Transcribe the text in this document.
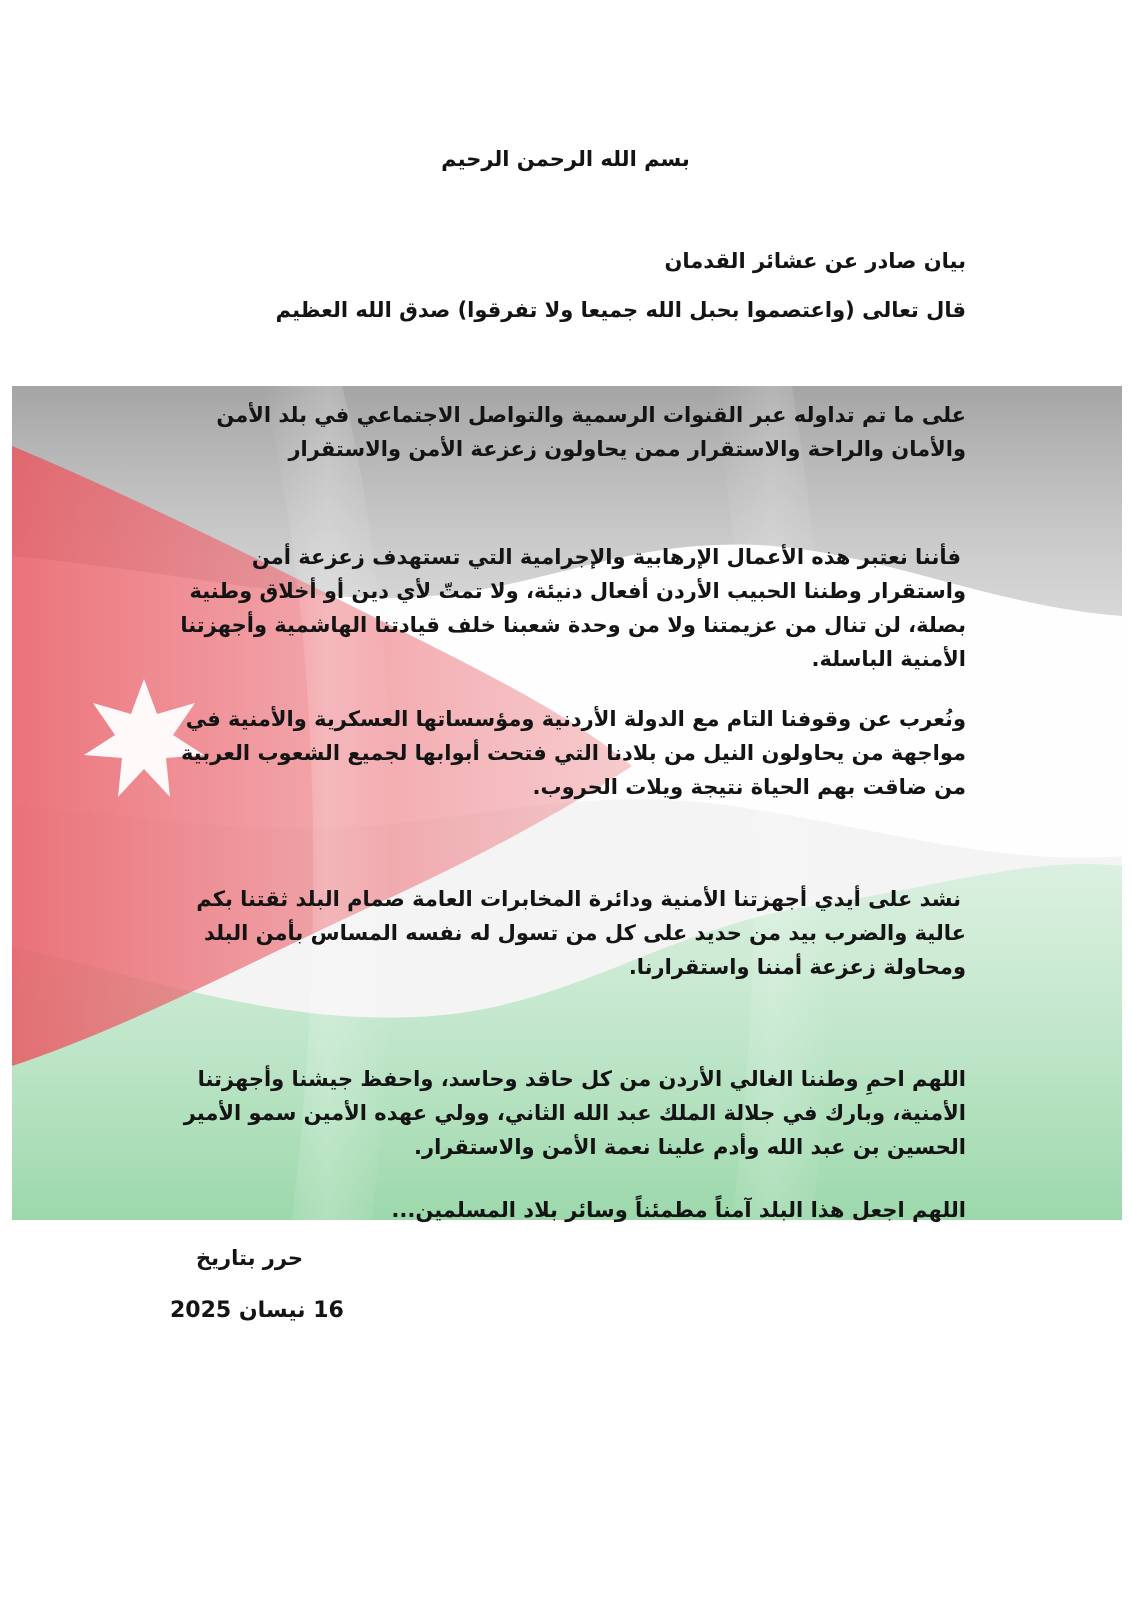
بسم الله الرحمن الرحيم
بيان صادر عن عشائر القدمان
قال تعالى (واعتصموا بحبل الله جميعا ولا تفرقوا) صدق الله العظيم
على ما تم تداوله عبر القنوات الرسمية والتواصل الاجتماعي في بلد الأمن
والأمان والراحة والاستقرار ممن يحاولون زعزعة الأمن والاستقرار
فأننا نعتبر هذه الأعمال الإرهابية والإجرامية التي تستهدف زعزعة أمن
واستقرار وطننا الحبيب الأردن أفعال دنيئة، ولا تمتّ لأي دين أو أخلاق وطنية
بصلة، لن تنال من عزيمتنا ولا من وحدة شعبنا خلف قيادتنا الهاشمية وأجهزتنا
الأمنية الباسلة.
ونُعرب عن وقوفنا التام مع الدولة الأردنية ومؤسساتها العسكرية والأمنية في
مواجهة من يحاولون النيل من بلادنا التي فتحت أبوابها لجميع الشعوب العربية
من ضاقت بهم الحياة نتيجة ويلات الحروب.
نشد على أيدي أجهزتنا الأمنية ودائرة المخابرات العامة صمام البلد ثقتنا بكم
عالية والضرب بيد من حديد على كل من تسول له نفسه المساس بأمن البلد
ومحاولة زعزعة أمننا واستقرارنا.
اللهم احمِ وطننا الغالي الأردن من كل حاقد وحاسد، واحفظ جيشنا وأجهزتنا
الأمنية، وبارك في جلالة الملك عبد الله الثاني، وولي عهده الأمين سمو الأمير
الحسين بن عبد الله وأدم علينا نعمة الأمن والاستقرار.
اللهم اجعل هذا البلد آمناً مطمئناً وسائر بلاد المسلمين...
حرر بتاريخ
16 نيسان 2025
